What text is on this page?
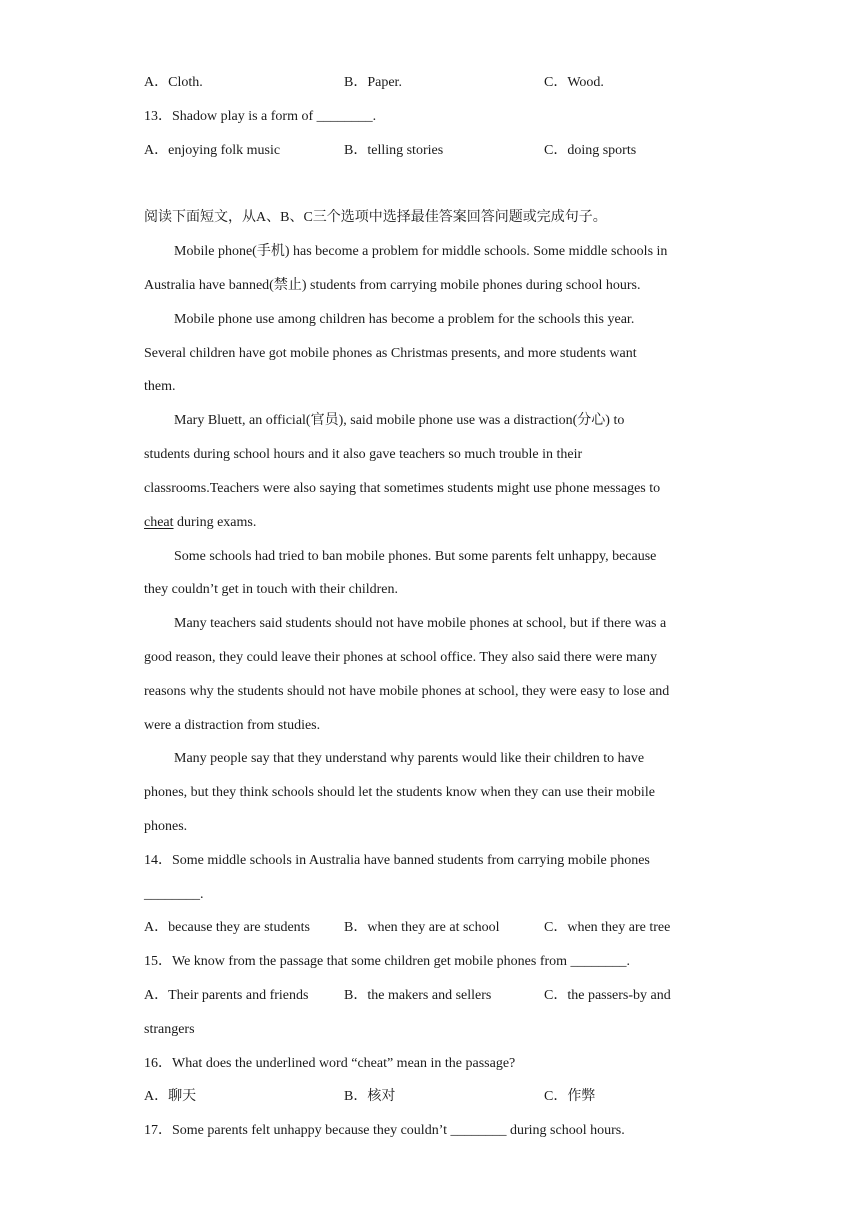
A．Cloth.	B．Paper.	C．Wood.
13．Shadow play is a form of ________.
A．enjoying folk music	B．telling stories	C．doing sports
阅读下面短文，从A、B、C三个选项中选择最佳答案回答问题或完成句子。
Mobile phone(手机) has become a problem for middle schools. Some middle schools in
Australia have banned(禁止) students from carrying mobile phones during school hours.
Mobile phone use among children has become a problem for the schools this year.
Several children have got mobile phones as Christmas presents, and more students want
them.
Mary Bluett, an official(官员), said mobile phone use was a distraction(分心) to
students during school hours and it also gave teachers so much trouble in their
classrooms.Teachers were also saying that sometimes students might use phone messages to
cheat during exams.
Some schools had tried to ban mobile phones. But some parents felt unhappy, because
they couldn’t get in touch with their children.
Many teachers said students should not have mobile phones at school, but if there was a
good reason, they could leave their phones at school office. They also said there were many
reasons why the students should not have mobile phones at school, they were easy to lose and
were a distraction from studies.
Many people say that they understand why parents would like their children to have
phones, but they think schools should let the students know when they can use their mobile
phones.
14．Some middle schools in Australia have banned students from carrying mobile phones
________.
A．because they are students B．when they are at school	C．when they are tree
15．We know from the passage that some children get mobile phones from ________.
A．Their parents and friends	B．the makers and sellers	C．the passers-by and
strangers
16．What does the underlined word “cheat” mean in the passage?
A．聊天	B．核对	C．作弊
17．Some parents felt unhappy because they couldn’t ________ during school hours.
